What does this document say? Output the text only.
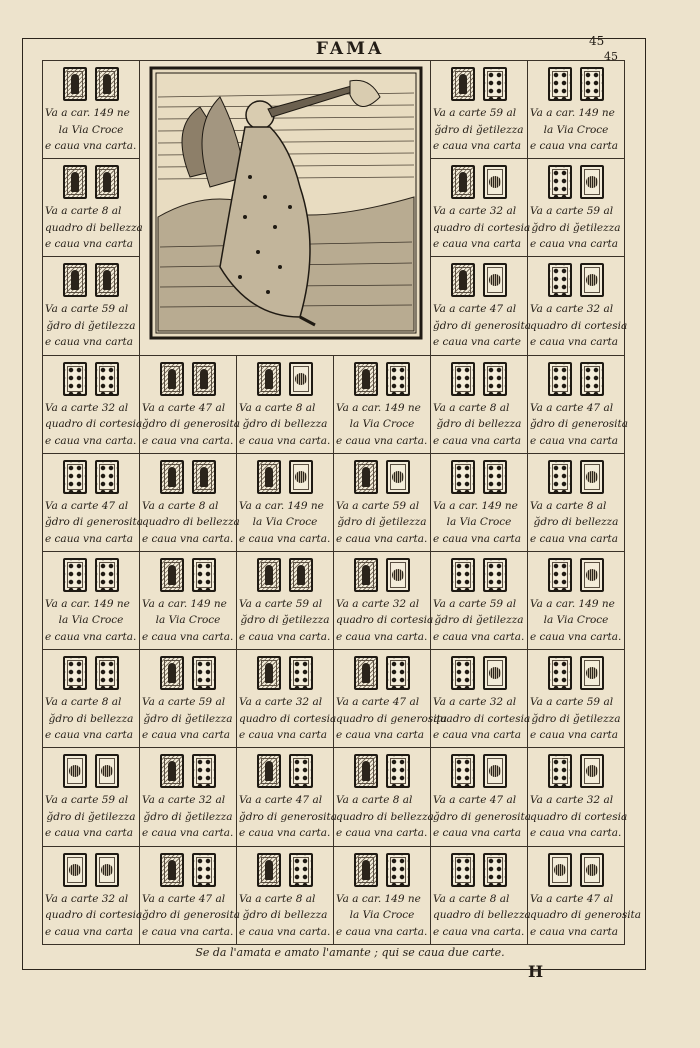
45
45
FAMA
Va a car. 149 ne
la Via Croce
e caua vna carta.
Va a carte 59 al
ğdro di ğetilezza
e caua vna carta
Va a car. 149 ne
la Via Croce
e caua vna carta
Va a carte 8 al
quadro di bellezza
e caua vna carta
Va a carte 32 al
quadro di cortesia
e caua vna carta
Va a carte 59 al
ğdro di ğetilezza
e caua vna carta
Va a carte 59 al
ğdro di ğetilezza
e caua vna carta
Va a carte 47 al
ğdro di generosita
e caua vna carte
Va a carte 32 al
quadro di cortesia
e caua vna carta
Va a carte 32 al
quadro di cortesia
e caua vna carta.
Va a carte 47 al
ğdro di generosita
e caua vna carta.
Va a carte 8 al
ğdro di bellezza
e caua vna carta.
Va a car. 149 ne
la Via Croce
e caua vna carta.
Va a carte 8 al
ğdro di bellezza
e caua vna carta
Va a carte 47 al
ğdro di generosita
e caua vna carta
Va a carte 47 al
ğdro di generosita
e caua vna carta
Va a carte 8 al
quadro di bellezza
e caua vna carta.
Va a car. 149 ne
la Via Croce
e caua vna carta.
Va a carte 59 al
ğdro di ğetilezza
e caua vna carta.
Va a car. 149 ne
la Via Croce
e caua vna carta
Va a carte 8 al
ğdro di bellezza
e caua vna carta
Va a car. 149 ne
la Via Croce
e caua vna carta.
Va a car. 149 ne
la Via Croce
e caua vna carta.
Va a carte 59 al
ğdro di ğetilezza
e caua vna carta.
Va a carte 32 al
quadro di cortesia
e caua vna carta.
Va a carte 59 al
ğdro di ğetilezza
e caua vna carta.
Va a car. 149 ne
la Via Croce
e caua vna carta.
Va a carte 8 al
ğdro di bellezza
e caua vna carta
Va a carte 59 al
ğdro di ğetilezza
e caua vna carta
Va a carte 32 al
quadro di cortesia
e caua vna carta
Va a carte 47 al
quadro di generosita
e caua vna carta
Va a carte 32 al
quadro di cortesia
e caua vna carta
Va a carte 59 al
ğdro di ğetilezza
e caua vna carta
Va a carte 59 al
ğdro di ğetilezza
e caua vna carta
Va a carte 32 al
ğdro di ğetilezza
e caua vna carta.
Va a carte 47 al
ğdro di generosita
e caua vna carta.
Va a carte 8 al
quadro di bellezza
e caua vna carta.
Va a carte 47 al
ğdro di generosita
e caua vna carta
Va a carte 32 al
quadro di cortesia
e caua vna carta.
Va a carte 32 al
quadro di cortesia
e caua vna carta
Va a carte 47 al
ğdro di generosita
e caua vna carta.
Va a carte 8 al
ğdro di bellezza
e caua vna carta.
Va a car. 149 ne
la Via Croce
e caua vna carta.
Va a carte 8 al
quadro di bellezza
e caua vna carta.
Va a carte 47 al
quadro di generosita
e caua vna carta
Se da l'amata e amato l'amante ; qui se caua due carte.
H
